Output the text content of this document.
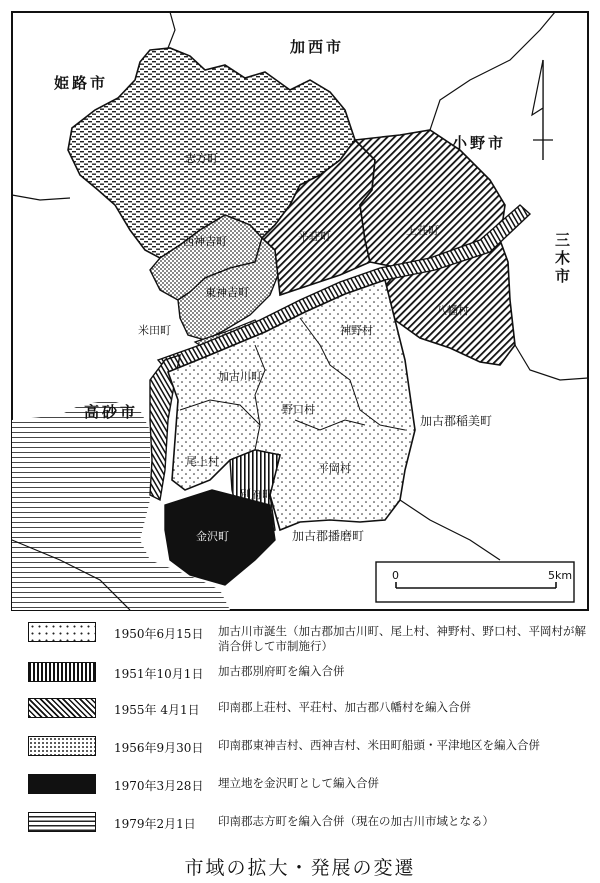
0	5km
姫路市
加西市
小野市
高砂市	加古郡稲美町
加古郡播磨町
三木市
志方町
西神吉町
東神吉町
平荘町	上荘町
八幡村
米田町	神野村
加古川町
野口村
尾上村
平岡村
別府町
金沢町
1950年6月15日 加古川市誕生（加古郡加古川町、尾上村、神野村、野口村、平岡村が解消合併して市制施行）
1951年10月1日 加古郡別府町を編入合併
1955年 4月1日 印南郡上荘村、平荘村、加古郡八幡村を編入合併
1956年9月30日 印南郡東神吉村、西神吉村、米田町船頭・平津地区を編入合併
1970年3月28日 埋立地を金沢町として編入合併
1979年2月1日 印南郡志方町を編入合併（現在の加古川市域となる）
市域の拡大・発展の変遷
